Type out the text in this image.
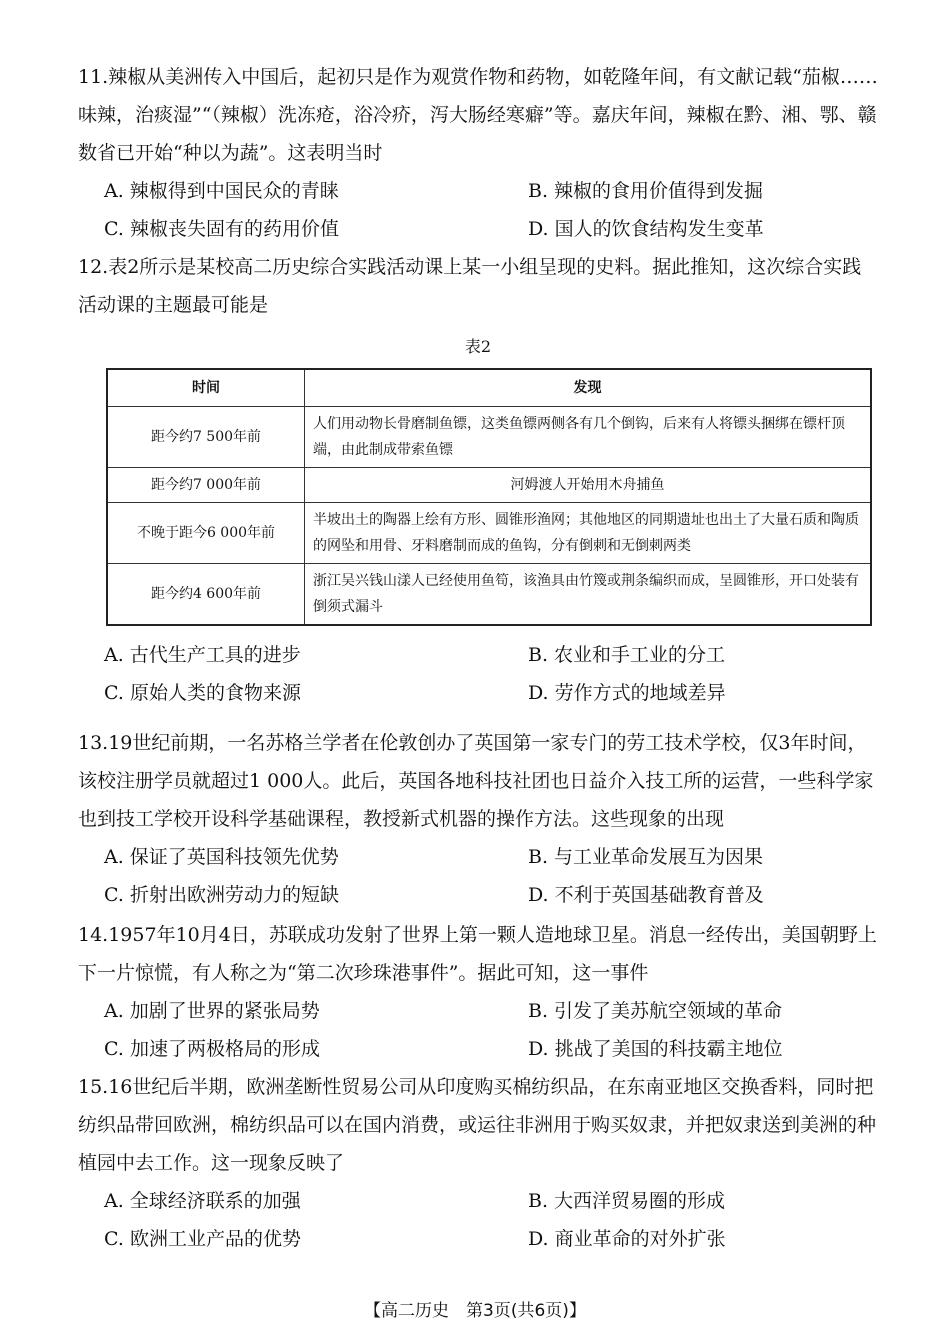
11.辣椒从美洲传入中国后，起初只是作为观赏作物和药物，如乾隆年间，有文献记载“茄椒……味辣，治痰湿”“（辣椒）洗冻疮，浴冷疥，泻大肠经寒癖”等。嘉庆年间，辣椒在黔、湘、鄂、赣数省已开始“种以为蔬”。这表明当时

A. 辣椒得到中国民众的青睐	B. 辣椒的食用价值得到发掘
C. 辣椒丧失固有的药用价值	D. 国人的饮食结构发生变革

12.表2所示是某校高二历史综合实践活动课上某一小组呈现的史料。据此推知，这次综合实践活动课的主题最可能是

表2
时间	发现
距今约7 500年前	人们用动物长骨磨制鱼镖，这类鱼镖两侧各有几个倒钩，后来有人将镖头捆绑在镖杆顶端，由此制成带索鱼镖
距今约7 000年前	河姆渡人开始用木舟捕鱼
不晚于距今6 000年前	半坡出土的陶器上绘有方形、圆锥形渔网；其他地区的同期遗址也出土了大量石质和陶质的网坠和用骨、牙料磨制而成的鱼钩，分有倒刺和无倒刺两类
距今约4 600年前	浙江吴兴钱山漾人已经使用鱼笱，该渔具由竹篾或荆条编织而成，呈圆锥形，开口处装有倒须式漏斗
A. 古代生产工具的进步	B. 农业和手工业的分工
C. 原始人类的食物来源	D. 劳作方式的地域差异

13.19世纪前期，一名苏格兰学者在伦敦创办了英国第一家专门的劳工技术学校，仅3年时间，该校注册学员就超过1 000人。此后，英国各地科技社团也日益介入技工所的运营，一些科学家也到技工学校开设科学基础课程，教授新式机器的操作方法。这些现象的出现

A. 保证了英国科技领先优势	B. 与工业革命发展互为因果
C. 折射出欧洲劳动力的短缺	D. 不利于英国基础教育普及

14.1957年10月4日，苏联成功发射了世界上第一颗人造地球卫星。消息一经传出，美国朝野上下一片惊慌，有人称之为“第二次珍珠港事件”。据此可知，这一事件

A. 加剧了世界的紧张局势	B. 引发了美苏航空领域的革命
C. 加速了两极格局的形成	D. 挑战了美国的科技霸主地位

15.16世纪后半期，欧洲垄断性贸易公司从印度购买棉纺织品，在东南亚地区交换香料，同时把纺织品带回欧洲，棉纺织品可以在国内消费，或运往非洲用于购买奴隶，并把奴隶送到美洲的种植园中去工作。这一现象反映了

A. 全球经济联系的加强	B. 大西洋贸易圈的形成
C. 欧洲工业产品的优势	D. 商业革命的对外扩张
【高二历史　第3页(共6页)】
